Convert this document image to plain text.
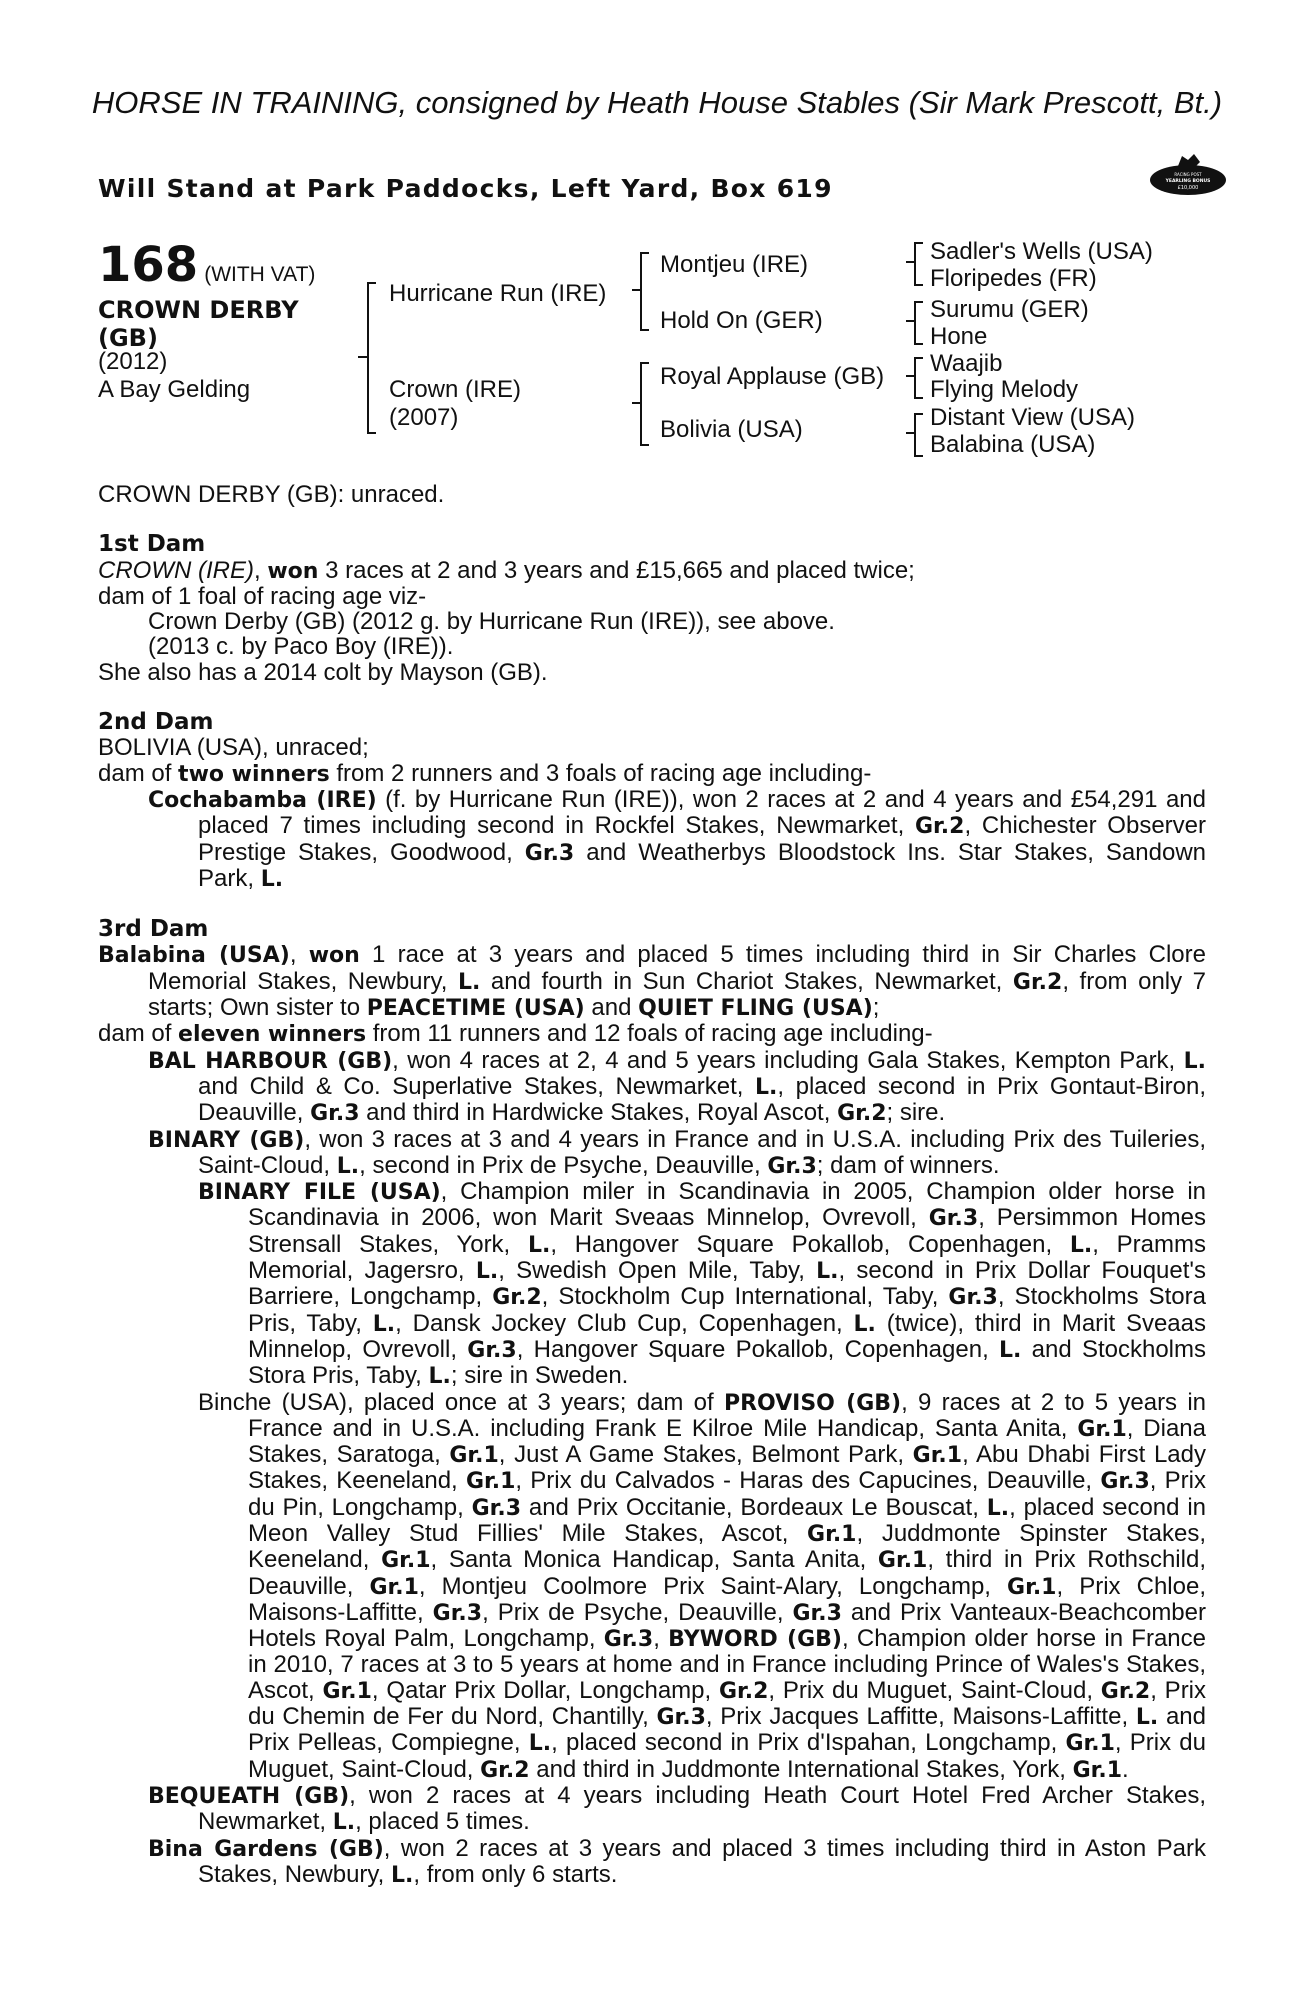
HORSE IN TRAINING, consigned by Heath House Stables (Sir Mark Prescott, Bt.)
Will Stand at Park Paddocks, Left Yard, Box 619	RACING POST
YEARLING BONUS
£10,000
168 (WITH VAT)
CROWN DERBY (GB)
(2012)
A Bay Gelding
Hurricane Run (IRE)
Crown (IRE)
(2007)
Montjeu (IRE)
Hold On (GER)
Royal Applause (GB)
Bolivia (USA)
Sadler's Wells (USA)
Floripedes (FR)
Surumu (GER)
Hone
Waajib
Flying Melody
Distant View (USA)
Balabina (USA)
CROWN DERBY (GB): unraced.
1st Dam
CROWN (IRE), won 3 races at 2 and 3 years and £15,665 and placed twice;
dam of 1 foal of racing age viz-
Crown Derby (GB) (2012 g. by Hurricane Run (IRE)), see above.
(2013 c. by Paco Boy (IRE)).
She also has a 2014 colt by Mayson (GB).
2nd Dam
BOLIVIA (USA), unraced;
dam of two winners from 2 runners and 3 foals of racing age including-
Cochabamba (IRE) (f. by Hurricane Run (IRE)), won 2 races at 2 and 4 years and £54,291 and placed 7 times including second in Rockfel Stakes, Newmarket, Gr.2, Chichester Observer Prestige Stakes, Goodwood, Gr.3 and Weatherbys Bloodstock Ins. Star Stakes, Sandown Park, L.
3rd Dam
Balabina (USA), won 1 race at 3 years and placed 5 times including third in Sir Charles Clore Memorial Stakes, Newbury, L. and fourth in Sun Chariot Stakes, Newmarket, Gr.2, from only 7 starts; Own sister to PEACETIME (USA) and QUIET FLING (USA);
dam of eleven winners from 11 runners and 12 foals of racing age including-
BAL HARBOUR (GB), won 4 races at 2, 4 and 5 years including Gala Stakes, Kempton Park, L. and Child & Co. Superlative Stakes, Newmarket, L., placed second in Prix Gontaut-Biron, Deauville, Gr.3 and third in Hardwicke Stakes, Royal Ascot, Gr.2; sire.
BINARY (GB), won 3 races at 3 and 4 years in France and in U.S.A. including Prix des Tuileries, Saint-Cloud, L., second in Prix de Psyche, Deauville, Gr.3; dam of winners.
BINARY FILE (USA), Champion miler in Scandinavia in 2005, Champion older horse in Scandinavia in 2006, won Marit Sveaas Minnelop, Ovrevoll, Gr.3, Persimmon Homes Strensall Stakes, York, L., Hangover Square Pokallob, Copenhagen, L., Pramms Memorial, Jagersro, L., Swedish Open Mile, Taby, L., second in Prix Dollar Fouquet's Barriere, Longchamp, Gr.2, Stockholm Cup International, Taby, Gr.3, Stockholms Stora Pris, Taby, L., Dansk Jockey Club Cup, Copenhagen, L. (twice), third in Marit Sveaas Minnelop, Ovrevoll, Gr.3, Hangover Square Pokallob, Copenhagen, L. and Stockholms Stora Pris, Taby, L.; sire in Sweden.
Binche (USA), placed once at 3 years; dam of PROVISO (GB), 9 races at 2 to 5 years in France and in U.S.A. including Frank E Kilroe Mile Handicap, Santa Anita, Gr.1, Diana Stakes, Saratoga, Gr.1, Just A Game Stakes, Belmont Park, Gr.1, Abu Dhabi First Lady Stakes, Keeneland, Gr.1, Prix du Calvados - Haras des Capucines, Deauville, Gr.3, Prix du Pin, Longchamp, Gr.3 and Prix Occitanie, Bordeaux Le Bouscat, L., placed second in Meon Valley Stud Fillies' Mile Stakes, Ascot, Gr.1, Juddmonte Spinster Stakes, Keeneland, Gr.1, Santa Monica Handicap, Santa Anita, Gr.1, third in Prix Rothschild, Deauville, Gr.1, Montjeu Coolmore Prix Saint-Alary, Longchamp, Gr.1, Prix Chloe, Maisons-Laffitte, Gr.3, Prix de Psyche, Deauville, Gr.3 and Prix Vanteaux-Beachcomber Hotels Royal Palm, Longchamp, Gr.3, BYWORD (GB), Champion older horse in France in 2010, 7 races at 3 to 5 years at home and in France including Prince of Wales's Stakes, Ascot, Gr.1, Qatar Prix Dollar, Longchamp, Gr.2, Prix du Muguet, Saint-Cloud, Gr.2, Prix du Chemin de Fer du Nord, Chantilly, Gr.3, Prix Jacques Laffitte, Maisons-Laffitte, L. and Prix Pelleas, Compiegne, L., placed second in Prix d'Ispahan, Longchamp, Gr.1, Prix du Muguet, Saint-Cloud, Gr.2 and third in Juddmonte International Stakes, York, Gr.1.
BEQUEATH (GB), won 2 races at 4 years including Heath Court Hotel Fred Archer Stakes, Newmarket, L., placed 5 times.
Bina Gardens (GB), won 2 races at 3 years and placed 3 times including third in Aston Park Stakes, Newbury, L., from only 6 starts.
